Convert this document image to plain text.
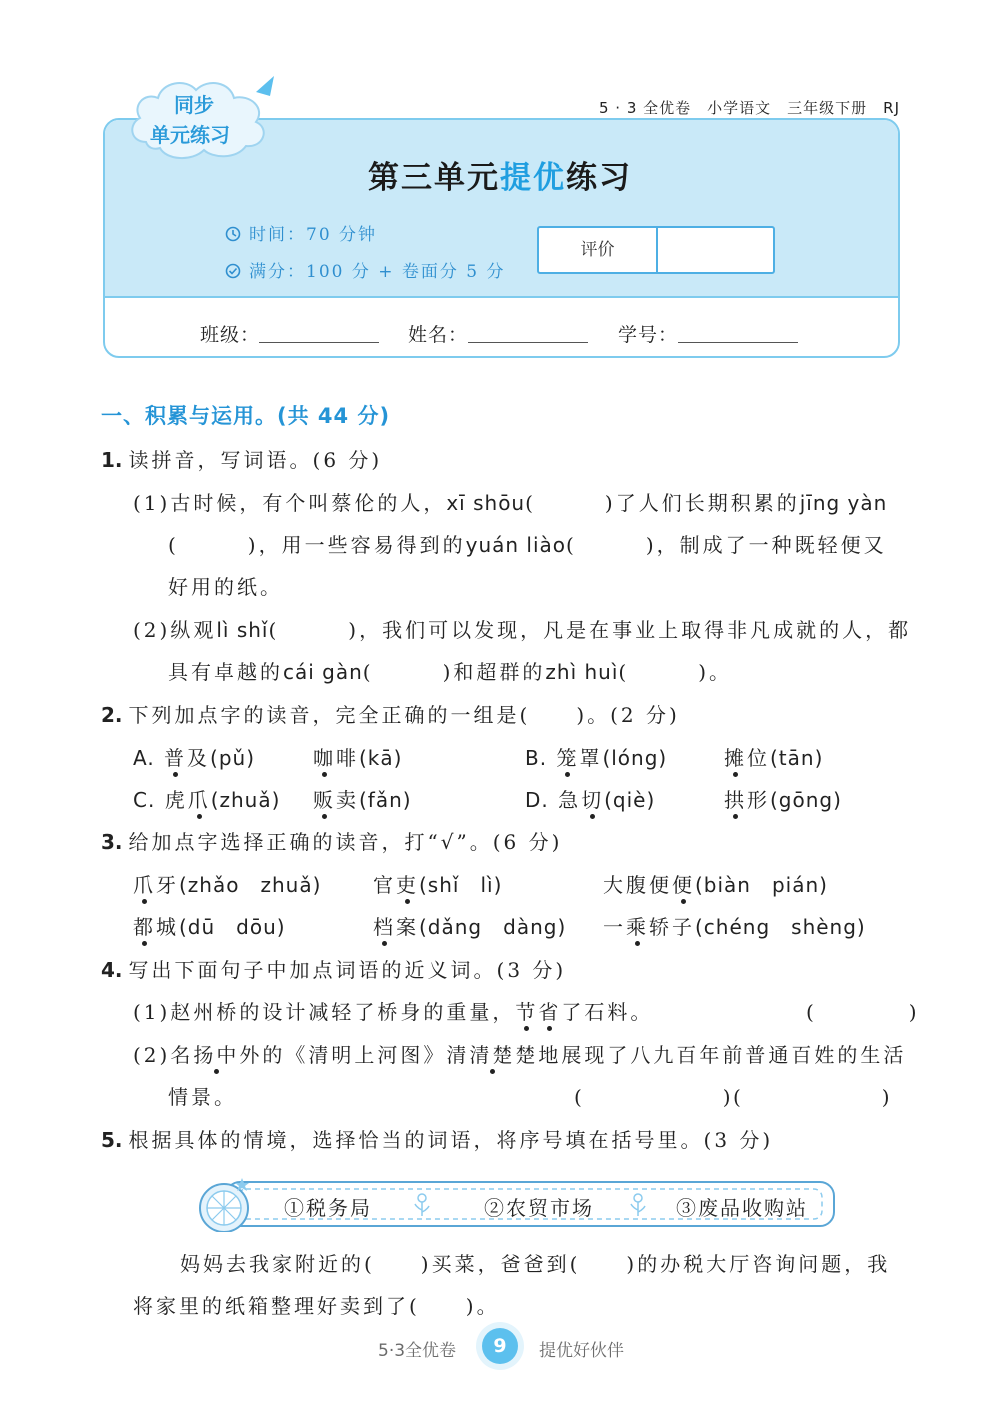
5 · 3 全优卷　小学语文　三年级下册　RJ
同步
单元练习
第三单元提优练习
时间：70 分钟
满分：100 分 + 卷面分 5 分
评价
班级：	姓名：	学号：
一、积累与运用。(共 44 分)
1. 读拼音，写词语。(6 分)
(1)古时候，有个叫蔡伦的人，xī shōu(　　　)了人们长期积累的jīng yàn
(　　　)，用一些容易得到的yuán liào(　　　)，制成了一种既轻便又
好用的纸。
(2)纵观lì shǐ(　　　)，我们可以发现，凡是在事业上取得非凡成就的人，都
具有卓越的cái gàn(　　　)和超群的zhì huì(　　　)。
2. 下列加点字的读音，完全正确的一组是(　　)。(2 分)
A. 普及(pǔ)	咖啡(kā)	B. 笼罩(lóng)	摊位(tān)
C. 虎爪(zhuǎ) 贩卖(fǎn)	D. 急切(qiè)	拱形(gōng)
3. 给加点字选择正确的读音，打“√”。(6 分)
爪牙(zhǎo　zhuǎ)	官吏(shǐ　lì)	大腹便便(biàn　pián)
都城(dū　dōu)	档案(dǎng　dàng) 一乘轿子(chéng　shèng)
4. 写出下面句子中加点词语的近义词。(3 分)
(1)赵州桥的设计减轻了桥身的重量，节省了石料。	(　　　　)
(2)名扬中外的《清明上河图》清清楚楚地展现了八九百年前普通百姓的生活
情景。	(　　　　　　) (　　　　　　)
5. 根据具体的情境，选择恰当的词语，将序号填在括号里。(3 分)
①税务局	②农贸市场	③废品收购站
妈妈去我家附近的(　　)买菜，爸爸到(　　)的办税大厅咨询问题，我
将家里的纸箱整理好卖到了(　　)。
5·3全优卷	9	提优好伙伴
